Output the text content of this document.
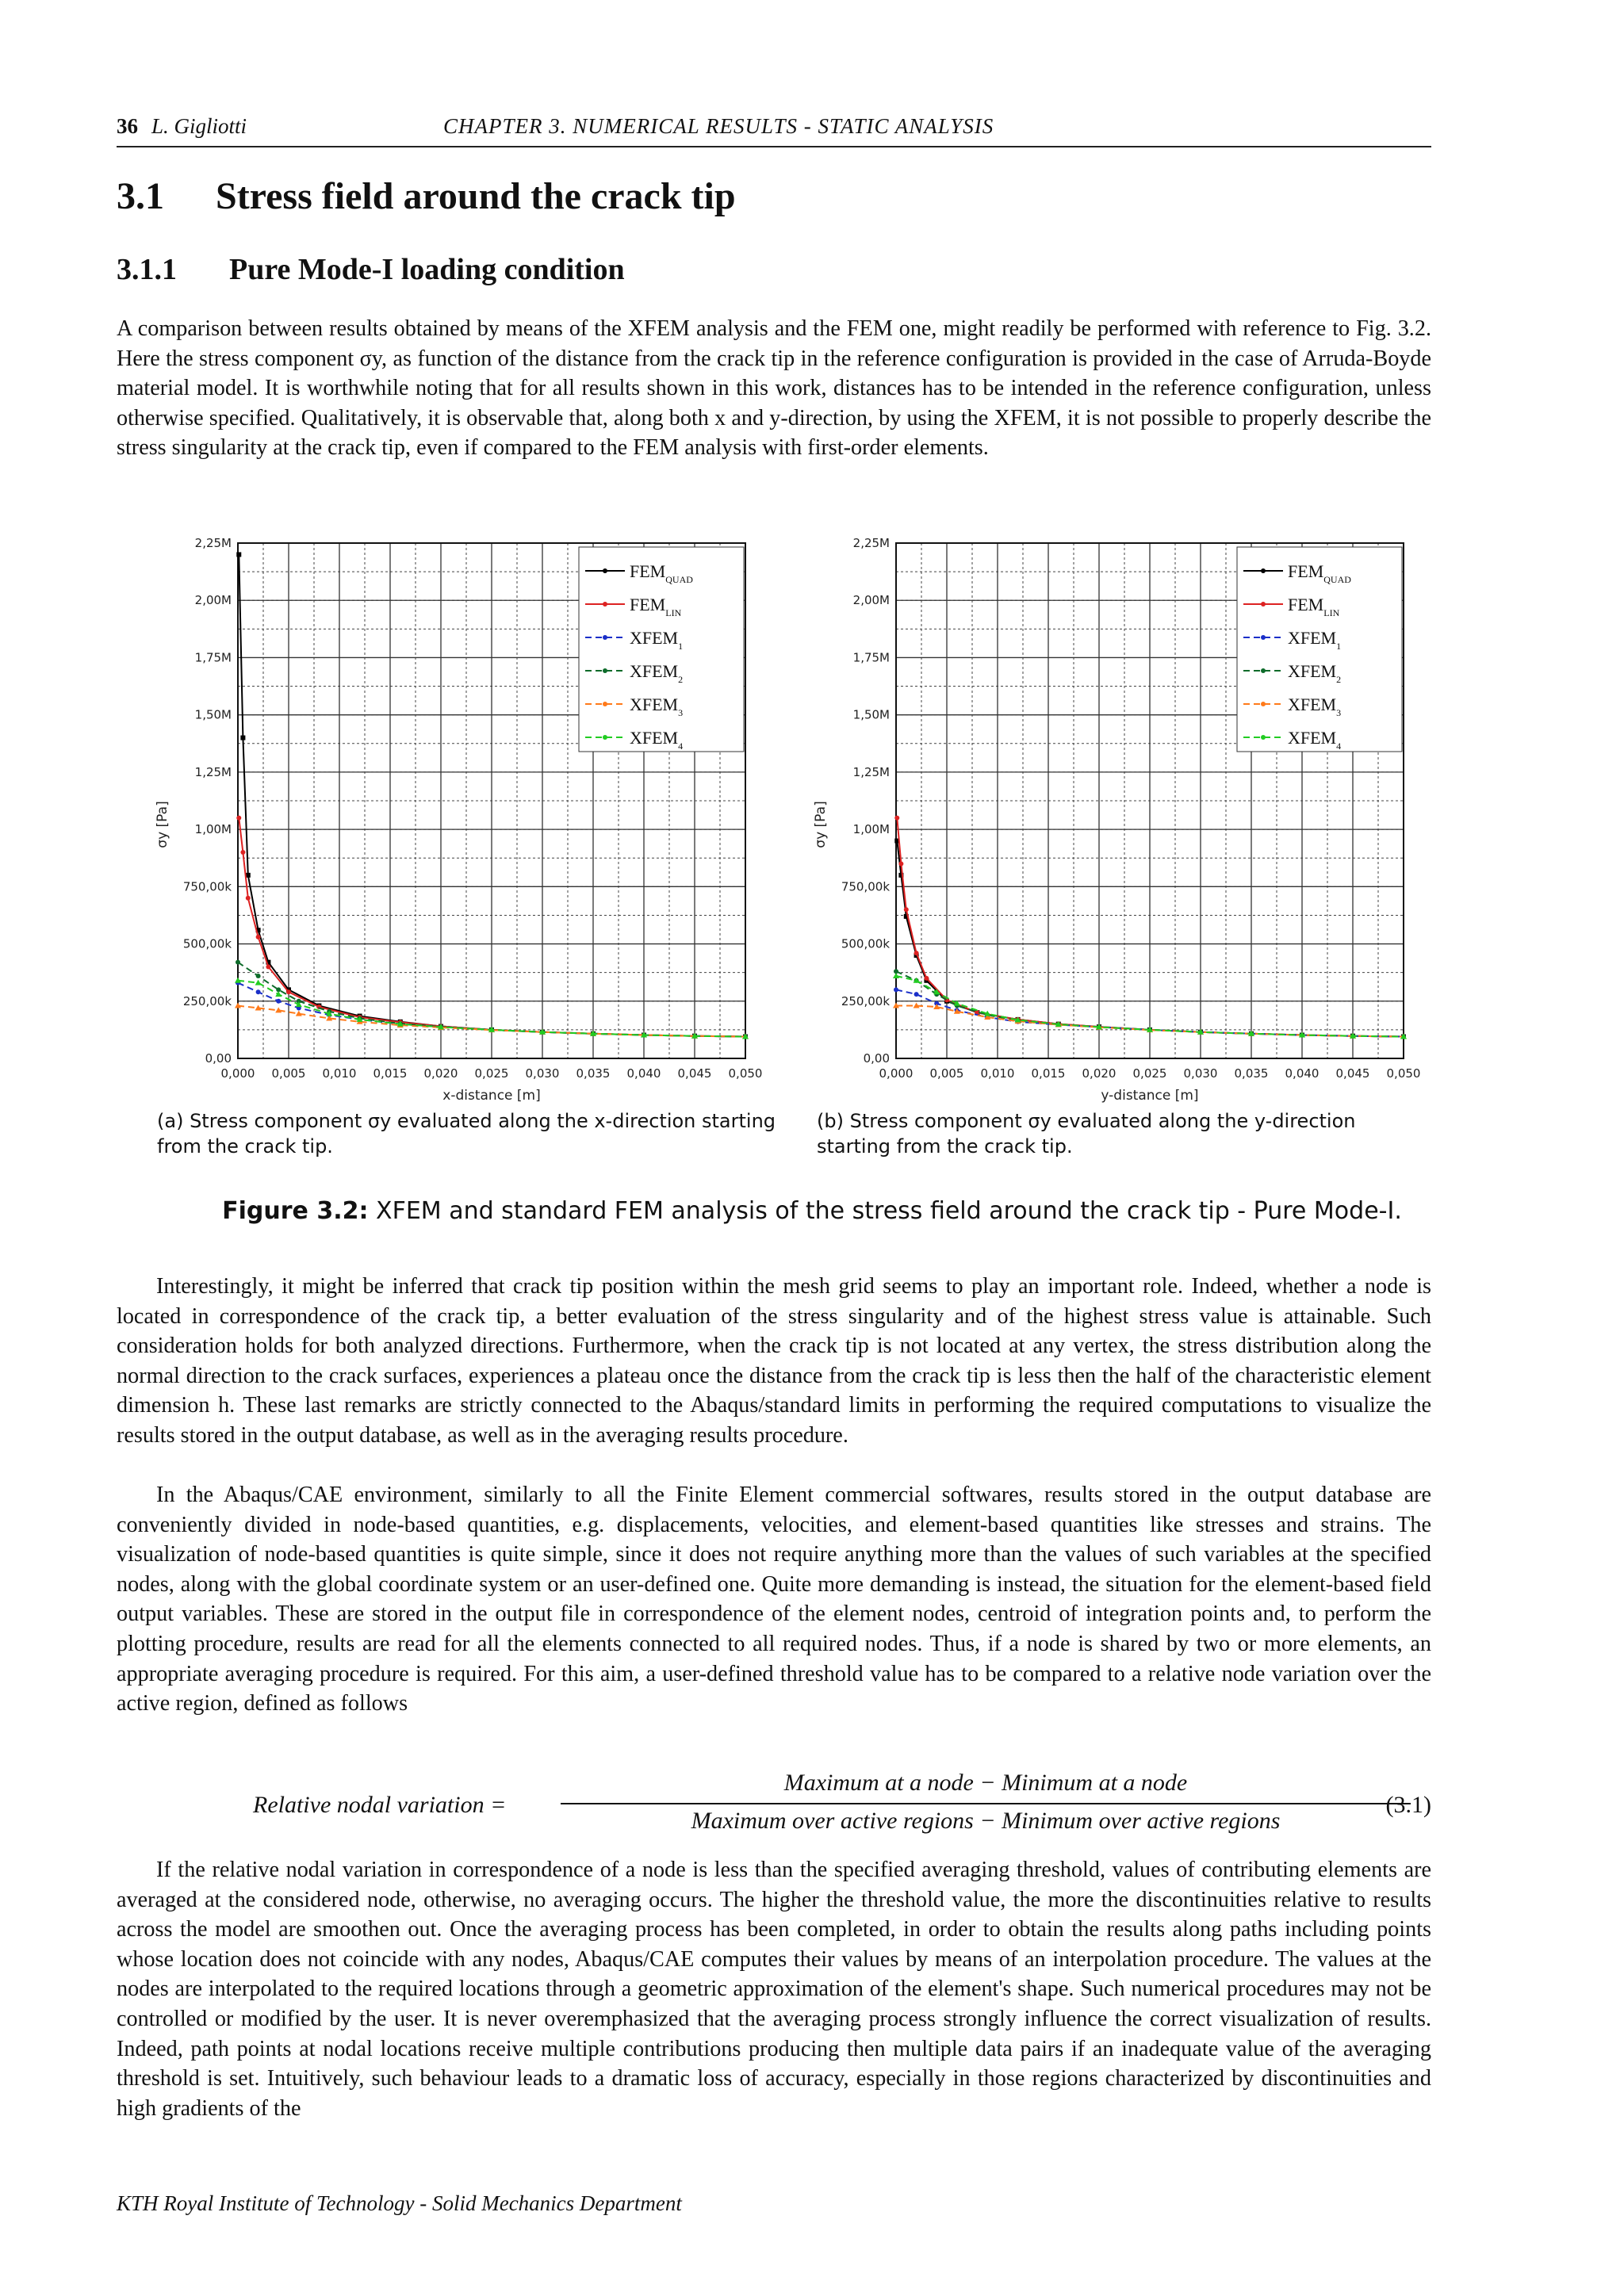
36 L. Gigliotti	CHAPTER 3. NUMERICAL RESULTS - STATIC ANALYSIS
3.1 Stress field around the crack tip
3.1.1 Pure Mode-I loading condition

A comparison between results obtained by means of the XFEM analysis and the FEM one, might readily be performed with reference to Fig. 3.2. Here the stress component σy, as function of the distance from the crack tip in the reference configuration is provided in the case of Arruda-Boyde material model. It is worthwhile noting that for all results shown in this work, distances has to be intended in the reference configuration, unless otherwise specified. Qualitatively, it is observable that, along both x and y-direction, by using the XFEM, it is not possible to properly describe the stress singularity at the crack tip, even if compared to the FEM analysis with first-order elements.

0,000 0,005 0,010 0,015 0,020 0,025 0,030 0,035 0,040 0,045 0,050
0,00
250,00k
500,00k
750,00k
1,00M
1,25M
1,50M
1,75M
2,00M
2,25M
x-distance [m]
σy [Pa]
$FEM_{QUAD}$
$FEM_{LIN}$
$XFEM_1$
$XFEM_2$
$XFEM_3$
$XFEM_4$
0,000 0,005 0,010 0,015 0,020 0,025 0,030 0,035 0,040 0,045 0,050
0,00
250,00k
500,00k
750,00k
1,00M
1,25M
1,50M
1,75M
2,00M
2,25M
y-distance [m]
σy [Pa]
$FEM_{QUAD}$
$FEM_{LIN}$
$XFEM_1$
$XFEM_2$
$XFEM_3$
$XFEM_4$
(a) Stress component σy evaluated along the x-direction starting from the crack tip.
(b) Stress component σy evaluated along the y-direction starting from the crack tip.
Figure 3.2: XFEM and standard FEM analysis of the stress field around the crack tip - Pure Mode-I.

Interestingly, it might be inferred that crack tip position within the mesh grid seems to play an important role. Indeed, whether a node is located in correspondence of the crack tip, a better evaluation of the stress singularity and of the highest stress value is attainable. Such consideration holds for both analyzed directions. Furthermore, when the crack tip is not located at any vertex, the stress distribution along the normal direction to the crack surfaces, experiences a plateau once the distance from the crack tip is less then the half of the characteristic element dimension h. These last remarks are strictly connected to the Abaqus/standard limits in performing the required computations to visualize the results stored in the output database, as well as in the averaging results procedure.

In the Abaqus/CAE environment, similarly to all the Finite Element commercial softwares, results stored in the output database are conveniently divided in node-based quantities, e.g. displacements, velocities, and element-based quantities like stresses and strains. The visualization of node-based quantities is quite simple, since it does not require anything more than the values of such variables at the specified nodes, along with the global coordinate system or an user-defined one. Quite more demanding is instead, the situation for the element-based field output variables. These are stored in the output file in correspondence of the element nodes, centroid of integration points and, to perform the plotting procedure, results are read for all the elements connected to all required nodes. Thus, if a node is shared by two or more elements, an appropriate averaging procedure is required. For this aim, a user-defined threshold value has to be compared to a relative node variation over the active region, defined as follows

Relative nodal variation =
Maximum at a node − Minimum at a node
Maximum over active regions − Minimum over active regions
(3.1)

If the relative nodal variation in correspondence of a node is less than the specified averaging threshold, values of contributing elements are averaged at the considered node, otherwise, no averaging occurs. The higher the threshold value, the more the discontinuities relative to results across the model are smoothen out. Once the averaging process has been completed, in order to obtain the results along paths including points whose location does not coincide with any nodes, Abaqus/CAE computes their values by means of an interpolation procedure. The values at the nodes are interpolated to the required locations through a geometric approximation of the element's shape. Such numerical procedures may not be controlled or modified by the user. It is never overemphasized that the averaging process strongly influence the correct visualization of results. Indeed, path points at nodal locations receive multiple contributions producing then multiple data pairs if an inadequate value of the averaging threshold is set. Intuitively, such behaviour leads to a dramatic loss of accuracy, especially in those regions characterized by discontinuities and high gradients of the

KTH Royal Institute of Technology - Solid Mechanics Department
